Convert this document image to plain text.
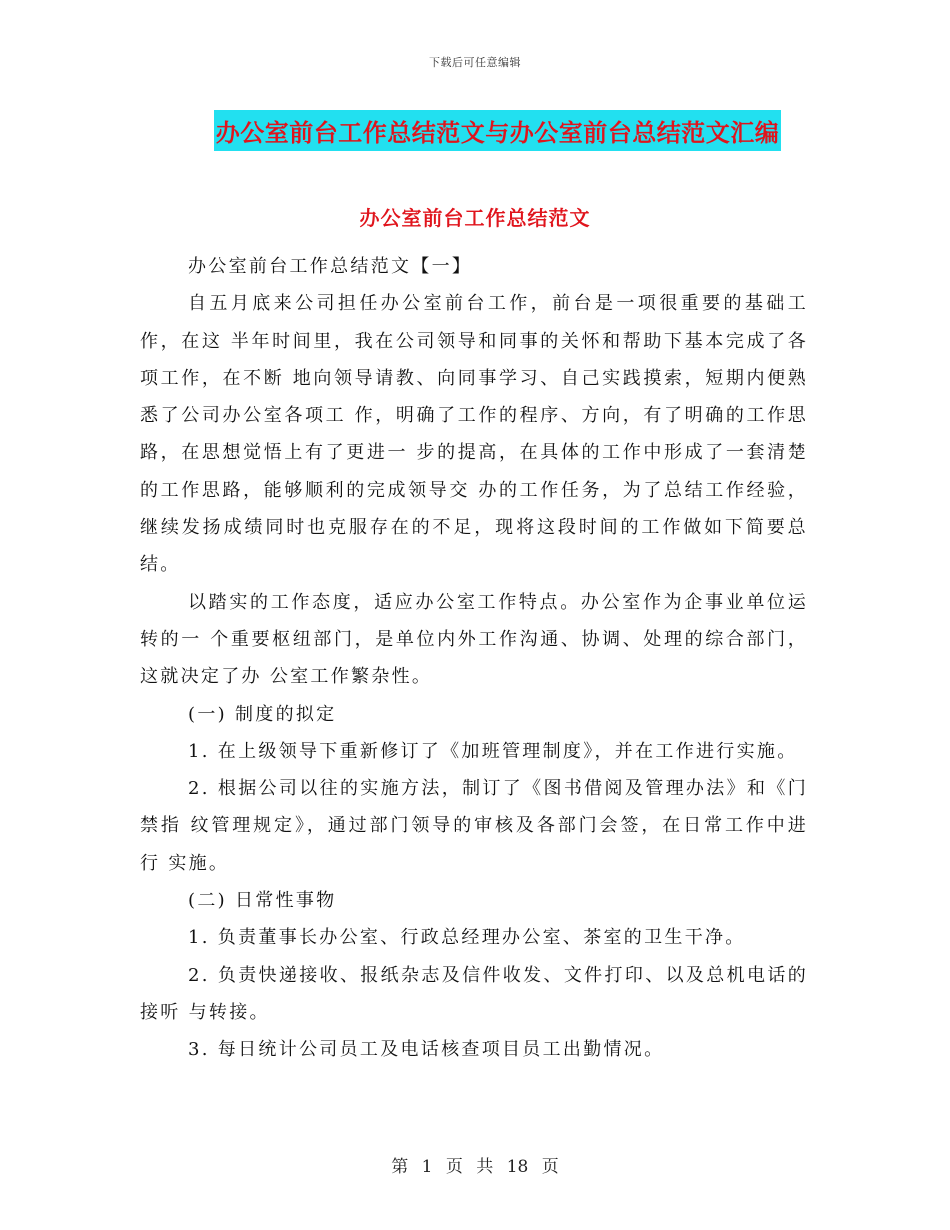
下载后可任意编辑
办公室前台工作总结范文与办公室前台总结范文汇编
办公室前台工作总结范文

办公室前台工作总结范文【一】

自五月底来公司担任办公室前台工作，前台是一项很重要的基础工作，在这 半年时间里，我在公司领导和同事的关怀和帮助下基本完成了各项工作，在不断 地向领导请教、向同事学习、自己实践摸索，短期内便熟悉了公司办公室各项工 作，明确了工作的程序、方向，有了明确的工作思路，在思想觉悟上有了更进一 步的提高，在具体的工作中形成了一套清楚的工作思路，能够顺利的完成领导交 办的工作任务，为了总结工作经验，继续发扬成绩同时也克服存在的不足，现将这段时间的工作做如下简要总结。

以踏实的工作态度，适应办公室工作特点。办公室作为企事业单位运转的一 个重要枢纽部门，是单位内外工作沟通、协调、处理的综合部门，这就决定了办 公室工作繁杂性。

(一) 制度的拟定

1. 在上级领导下重新修订了《加班管理制度》，并在工作进行实施。

2. 根据公司以往的实施方法，制订了《图书借阅及管理办法》和《门禁指 纹管理规定》，通过部门领导的审核及各部门会签，在日常工作中进行 实施。

(二) 日常性事物

1. 负责董事长办公室、行政总经理办公室、茶室的卫生干净。

2. 负责快递接收、报纸杂志及信件收发、文件打印、以及总机电话的接听 与转接。

3. 每日统计公司员工及电话核查项目员工出勤情况。

第 1 页 共 18 页
